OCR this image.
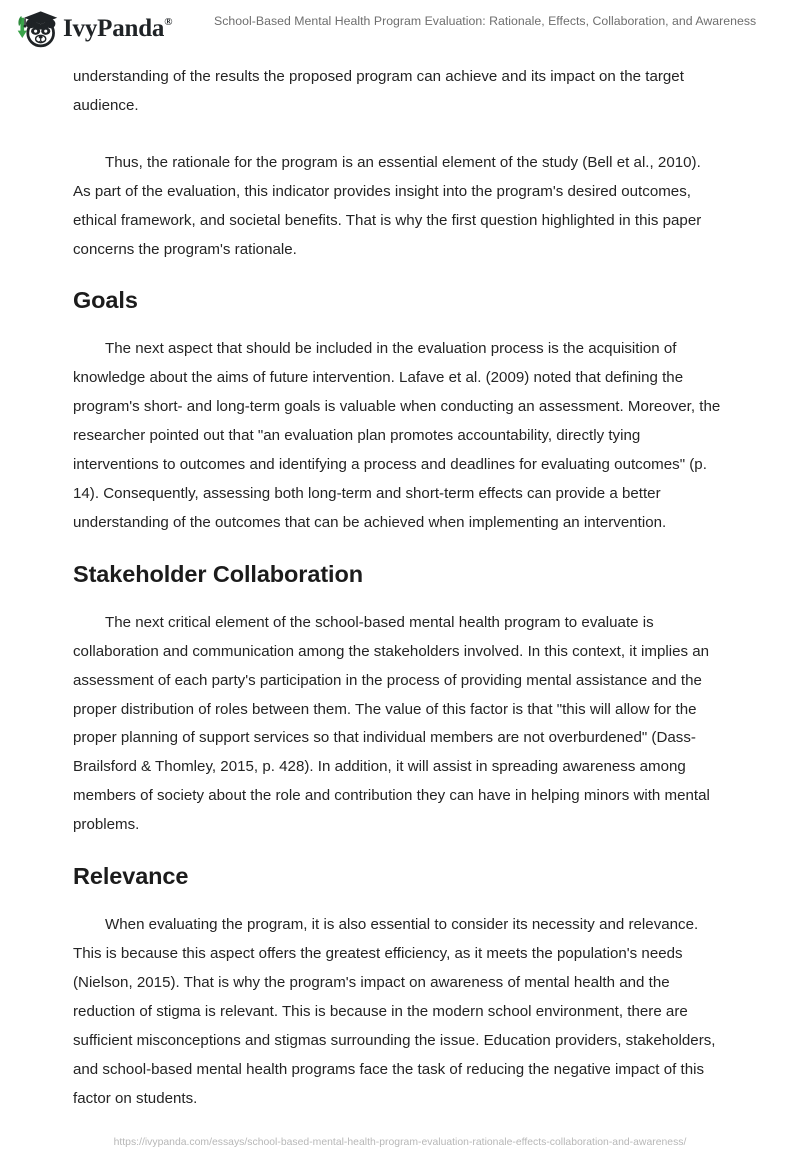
IvyPanda®	School-Based Mental Health Program Evaluation: Rationale, Effects, Collaboration, and Awareness

understanding of the results the proposed program can achieve and its impact on the target audience.

Thus, the rationale for the program is an essential element of the study (Bell et al., 2010). As part of the evaluation, this indicator provides insight into the program's desired outcomes, ethical framework, and societal benefits. That is why the first question highlighted in this paper concerns the program's rationale.

Goals

The next aspect that should be included in the evaluation process is the acquisition of knowledge about the aims of future intervention. Lafave et al. (2009) noted that defining the program's short- and long-term goals is valuable when conducting an assessment. Moreover, the researcher pointed out that "an evaluation plan promotes accountability, directly tying interventions to outcomes and identifying a process and deadlines for evaluating outcomes" (p. 14). Consequently, assessing both long-term and short-term effects can provide a better understanding of the outcomes that can be achieved when implementing an intervention.

Stakeholder Collaboration

The next critical element of the school-based mental health program to evaluate is collaboration and communication among the stakeholders involved. In this context, it implies an assessment of each party's participation in the process of providing mental assistance and the proper distribution of roles between them. The value of this factor is that "this will allow for the proper planning of support services so that individual members are not overburdened" (Dass-Brailsford & Thomley, 2015, p. 428). In addition, it will assist in spreading awareness among members of society about the role and contribution they can have in helping minors with mental problems.

Relevance

When evaluating the program, it is also essential to consider its necessity and relevance. This is because this aspect offers the greatest efficiency, as it meets the population's needs (Nielson, 2015). That is why the program's impact on awareness of mental health and the reduction of stigma is relevant. This is because in the modern school environment, there are sufficient misconceptions and stigmas surrounding the issue. Education providers, stakeholders, and school-based mental health programs face the task of reducing the negative impact of this factor on students.

https://ivypanda.com/essays/school-based-mental-health-program-evaluation-rationale-effects-collaboration-and-awareness/
